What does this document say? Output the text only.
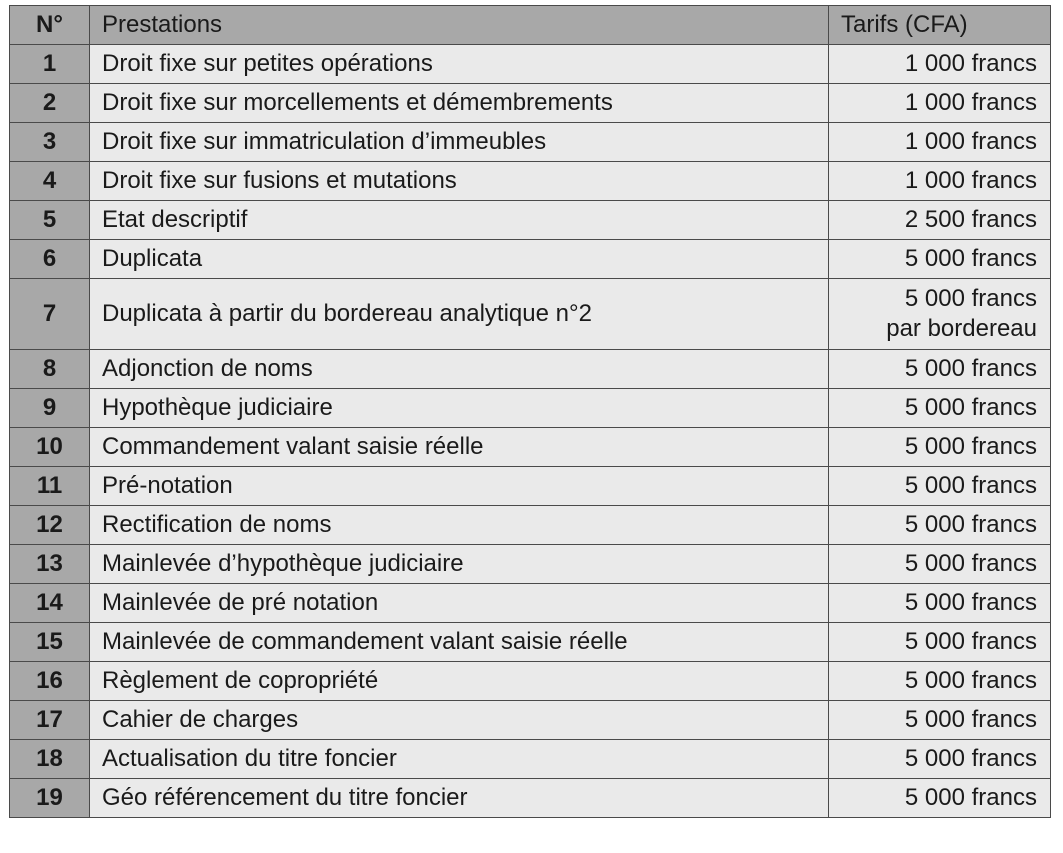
N°	Prestations	Tarifs (CFA)
1	Droit fixe sur petites opérations	1 000 francs
2	Droit fixe sur morcellements et démembrements	1 000 francs
3	Droit fixe sur immatriculation d’immeubles	1 000 francs
4	Droit fixe sur fusions et mutations	1 000 francs
5	Etat descriptif	2 500 francs
6	Duplicata	5 000 francs
7	Duplicata à partir du bordereau analytique n°2	5 000 francs
par bordereau

8	Adjonction de noms	5 000 francs
9	Hypothèque judiciaire	5 000 francs
10	Commandement valant saisie réelle	5 000 francs
11	Pré-notation	5 000 francs
12	Rectification de noms	5 000 francs
13	Mainlevée d’hypothèque judiciaire	5 000 francs
14	Mainlevée de pré notation	5 000 francs
15	Mainlevée de commandement valant saisie réelle	5 000 francs
16	Règlement de copropriété	5 000 francs
17	Cahier de charges	5 000 francs
18	Actualisation du titre foncier	5 000 francs
19	Géo référencement du titre foncier	5 000 francs
